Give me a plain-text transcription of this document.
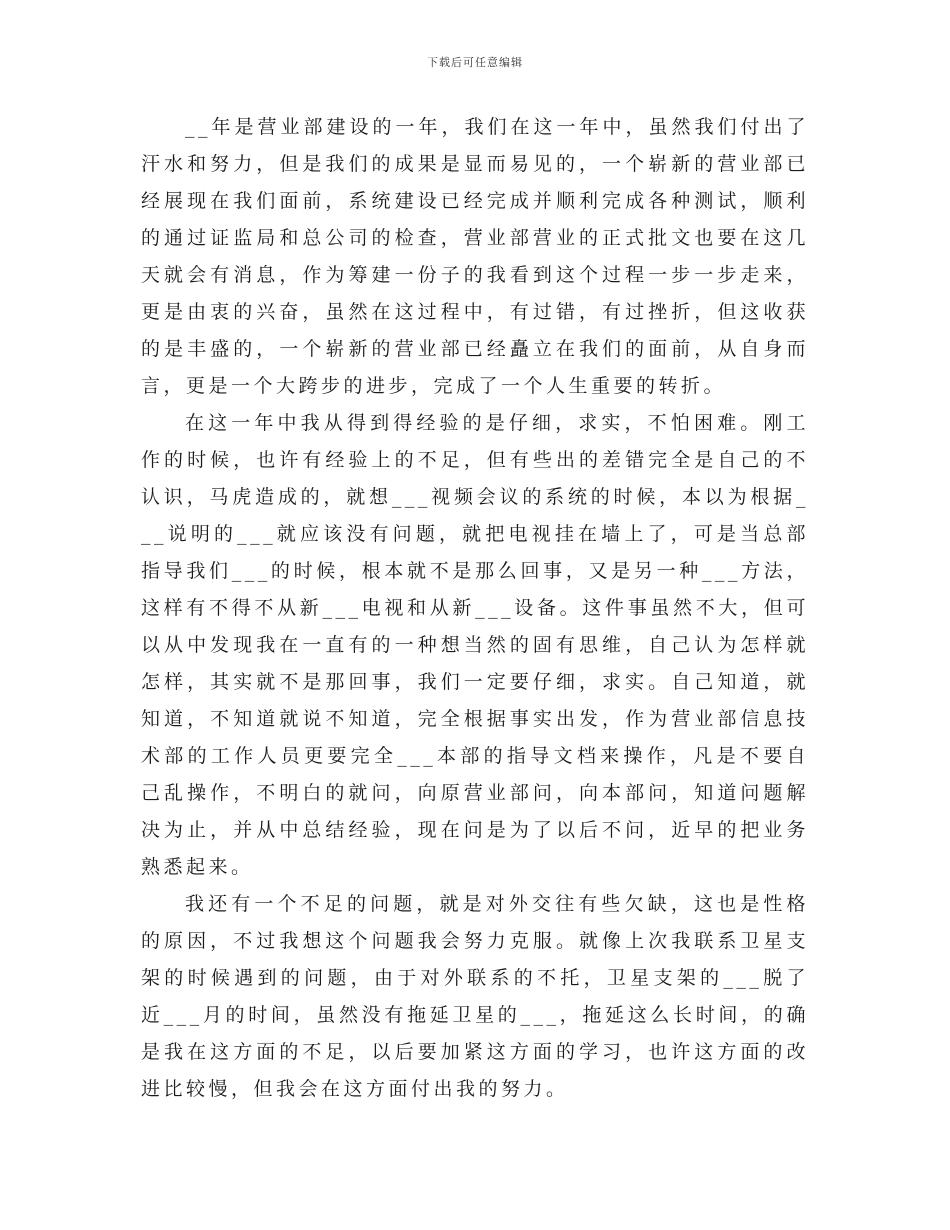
下载后可任意编辑

__年是营业部建设的一年，我们在这一年中，虽然我们付出了汗水和努力，但是我们的成果是显而易见的，一个崭新的营业部已经展现在我们面前，系统建设已经完成并顺利完成各种测试，顺利的通过证监局和总公司的检查，营业部营业的正式批文也要在这几天就会有消息，作为筹建一份子的我看到这个过程一步一步走来，更是由衷的兴奋，虽然在这过程中，有过错，有过挫折，但这收获的是丰盛的，一个崭新的营业部已经矗立在我们的面前，从自身而言，更是一个大跨步的进步，完成了一个人生重要的转折。

在这一年中我从得到得经验的是仔细，求实，不怕困难。刚工作的时候，也许有经验上的不足，但有些出的差错完全是自己的不认识，马虎造成的，就想___视频会议的系统的时候，本以为根据___说明的___就应该没有问题，就把电视挂在墙上了，可是当总部指导我们___的时候，根本就不是那么回事，又是另一种___方法，这样有不得不从新___电视和从新___设备。这件事虽然不大，但可以从中发现我在一直有的一种想当然的固有思维，自己认为怎样就怎样，其实就不是那回事，我们一定要仔细，求实。自己知道，就知道，不知道就说不知道，完全根据事实出发，作为营业部信息技术部的工作人员更要完全___本部的指导文档来操作，凡是不要自己乱操作，不明白的就问，向原营业部问，向本部问，知道问题解决为止，并从中总结经验，现在问是为了以后不问，近早的把业务熟悉起来。

我还有一个不足的问题，就是对外交往有些欠缺，这也是性格的原因，不过我想这个问题我会努力克服。就像上次我联系卫星支架的时候遇到的问题，由于对外联系的不托，卫星支架的___脱了近___月的时间，虽然没有拖延卫星的___，拖延这么长时间，的确是我在这方面的不足，以后要加紧这方面的学习，也许这方面的改进比较慢，但我会在这方面付出我的努力。
